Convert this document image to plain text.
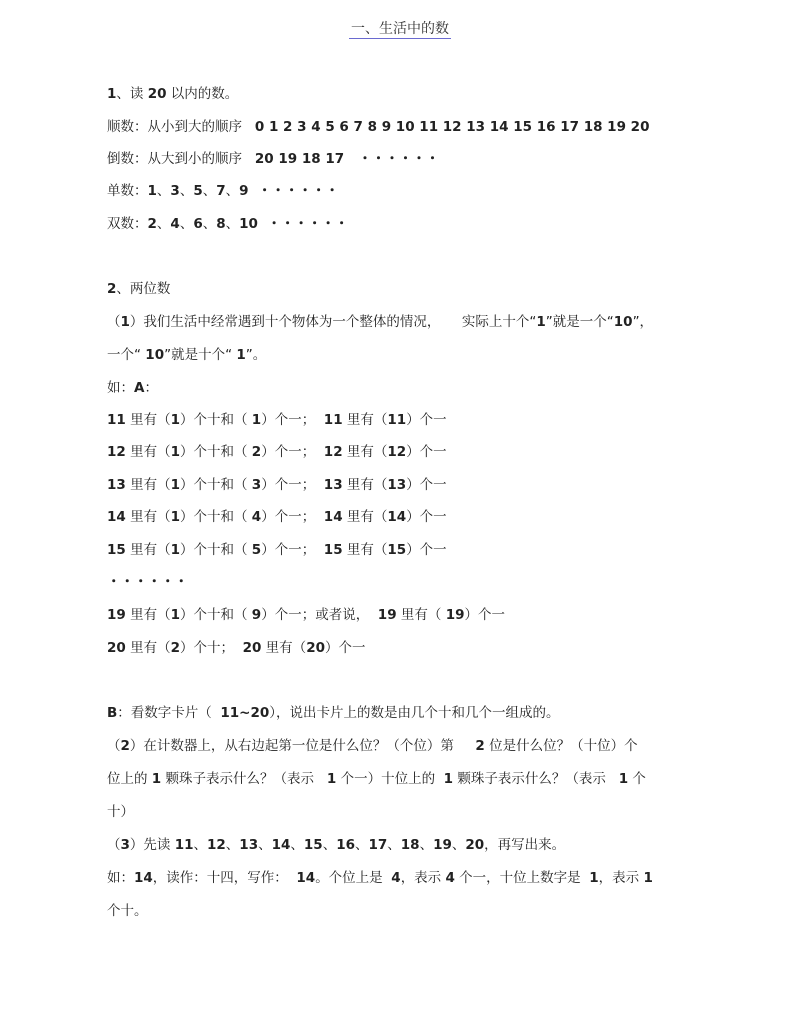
一、生活中的数
1、读 20 以内的数。
顺数：从小到大的顺序   0 1 2 3 4 5 6 7 8 9 10 11 12 13 14 15 16 17 18 19 20
倒数：从大到小的顺序   20 19 18 17   ・・・・・・
单数：1、3、5、7、9  ・・・・・・
双数：2、4、6、8、10  ・・・・・・
2、两位数
（1）我们生活中经常遇到十个物体为一个整体的情况，     实际上十个“1”就是一个“10”，
一个“ 10”就是十个“ 1”。
如：A：
11 里有（1）个十和（ 1）个一；  11 里有（11）个一
12 里有（1）个十和（ 2）个一；  12 里有（12）个一
13 里有（1）个十和（ 3）个一；  13 里有（13）个一
14 里有（1）个十和（ 4）个一；  14 里有（14）个一
15 里有（1）个十和（ 5）个一；  15 里有（15）个一
・・・・・・
19 里有（1）个十和（ 9）个一；或者说，  19 里有（ 19）个一
20 里有（2）个十；  20 里有（20）个一
B：看数字卡片（  11~20），说出卡片上的数是由几个十和几个一组成的。
（2）在计数器上，从右边起第一位是什么位？（个位）第     2 位是什么位？（十位）个
位上的 1 颗珠子表示什么？（表示   1 个一）十位上的  1 颗珠子表示什么？（表示   1 个
十）
（3）先读 11、12、13、14、15、16、17、18、19、20，再写出来。
如：14，读作：十四，写作：  14。个位上是  4，表示 4 个一，十位上数字是  1，表示 1
个十。
